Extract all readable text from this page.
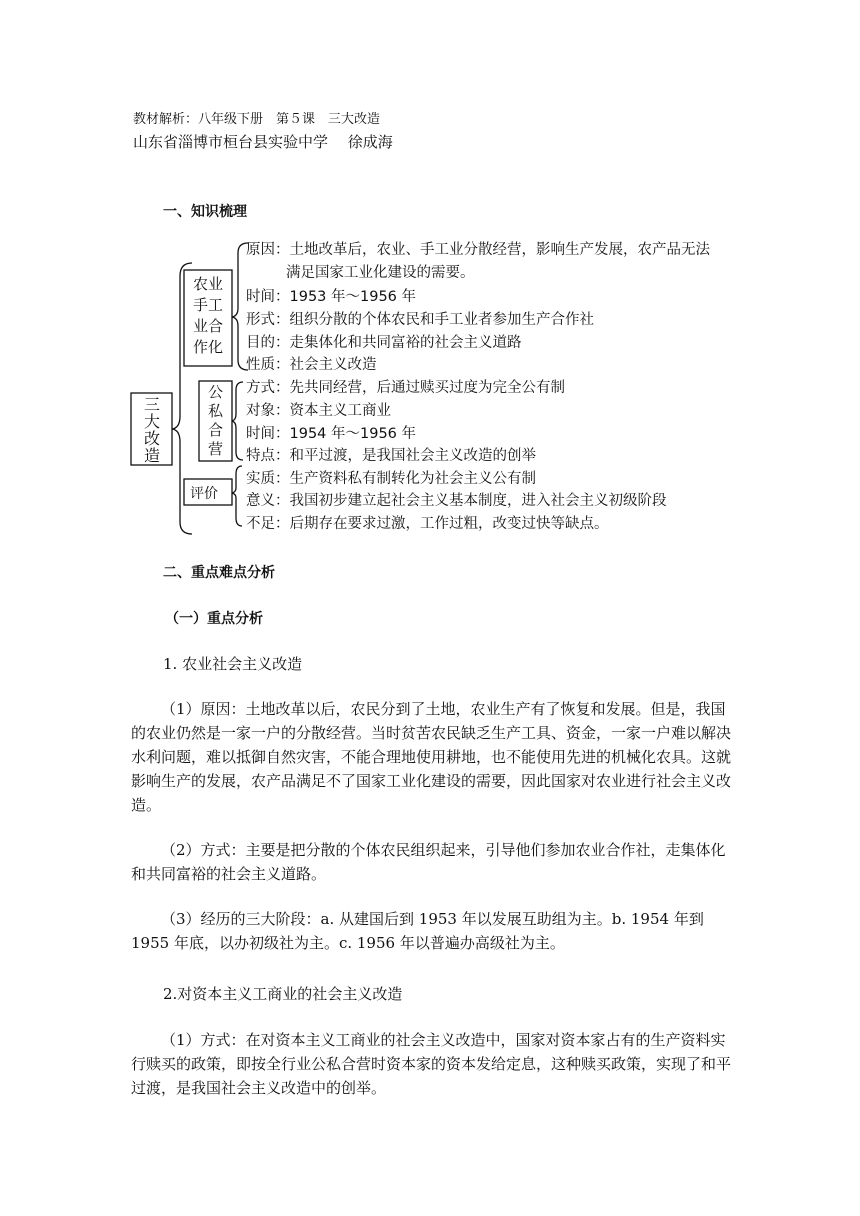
教材解析：八年级下册　第５课　三大改造
山东省淄博市桓台县实验中学　 徐成海
一、知识梳理
三大改造
农业
手工
业合
作化
原因：土地改革后，农业、手工业分散经营，影响生产发展，农产品无法
满足国家工业化建设的需要。
时间：1953 年～1956 年
形式：组织分散的个体农民和手工业者参加生产合作社
目的：走集体化和共同富裕的社会主义道路
性质：社会主义改造
公
私
合
营
方式：先共同经营，后通过赎买过度为完全公有制
对象：资本主义工商业
时间：1954 年～1956 年
特点：和平过渡，是我国社会主义改造的创举
评价
实质：生产资料私有制转化为社会主义公有制
意义：我国初步建立起社会主义基本制度，进入社会主义初级阶段
不足：后期存在要求过激，工作过粗，改变过快等缺点。
二、重点难点分析
（一）重点分析
1. 农业社会主义改造
（1）原因：土地改革以后，农民分到了土地，农业生产有了恢复和发展。但是，我国的农业仍然是一家一户的分散经营。当时贫苦农民缺乏生产工具、资金，一家一户难以解决水利问题，难以抵御自然灾害，不能合理地使用耕地，也不能使用先进的机械化农具。这就影响生产的发展，农产品满足不了国家工业化建设的需要，因此国家对农业进行社会主义改造。
（2）方式：主要是把分散的个体农民组织起来，引导他们参加农业合作社，走集体化和共同富裕的社会主义道路。
（3）经历的三大阶段：a. 从建国后到 1953 年以发展互助组为主。b. 1954 年到 1955 年底，以办初级社为主。c. 1956 年以普遍办高级社为主。
2.对资本主义工商业的社会主义改造
（1）方式：在对资本主义工商业的社会主义改造中，国家对资本家占有的生产资料实行赎买的政策，即按全行业公私合营时资本家的资本发给定息，这种赎买政策，实现了和平过渡，是我国社会主义改造中的创举。
